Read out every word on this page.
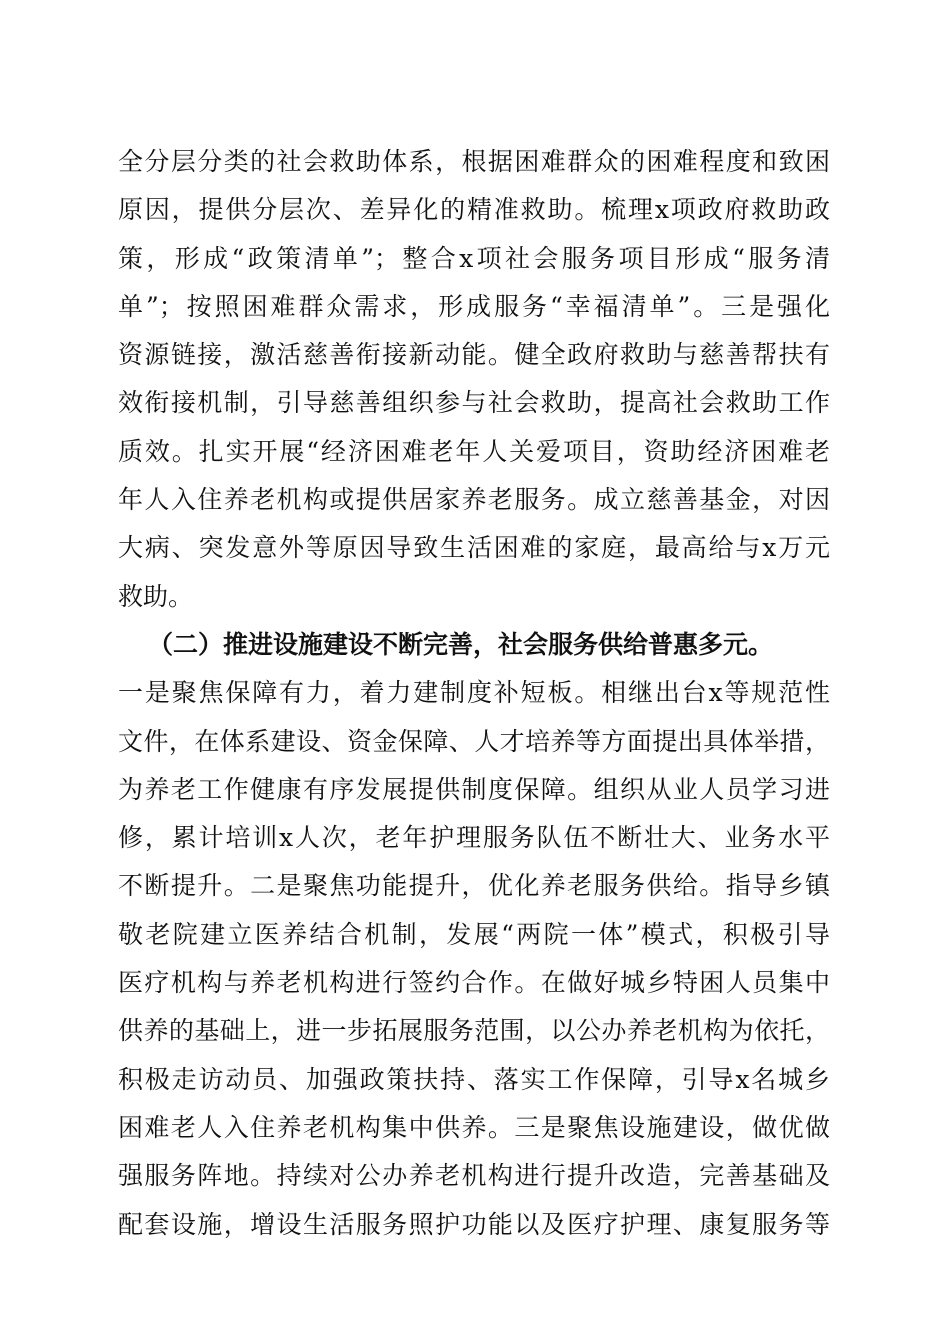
全分层分类的社会救助体系，根据困难群众的困难程度和致困
原因，提供分层次、差异化的精准救助。梳理x项政府救助政
策，形成“政策清单”；整合x项社会服务项目形成“服务清
单”；按照困难群众需求，形成服务“幸福清单”。三是强化
资源链接，激活慈善衔接新动能。健全政府救助与慈善帮扶有
效衔接机制，引导慈善组织参与社会救助，提高社会救助工作
质效。扎实开展“经济困难老年人关爱项目，资助经济困难老
年人入住养老机构或提供居家养老服务。成立慈善基金，对因
大病、突发意外等原因导致生活困难的家庭，最高给与x万元
救助。
（二）推进设施建设不断完善，社会服务供给普惠多元。
一是聚焦保障有力，着力建制度补短板。相继出台x等规范性
文件，在体系建设、资金保障、人才培养等方面提出具体举措，
为养老工作健康有序发展提供制度保障。组织从业人员学习进
修，累计培训x人次，老年护理服务队伍不断壮大、业务水平
不断提升。二是聚焦功能提升，优化养老服务供给。指导乡镇
敬老院建立医养结合机制，发展“两院一体”模式，积极引导
医疗机构与养老机构进行签约合作。在做好城乡特困人员集中
供养的基础上，进一步拓展服务范围，以公办养老机构为依托，
积极走访动员、加强政策扶持、落实工作保障，引导x名城乡
困难老人入住养老机构集中供养。三是聚焦设施建设，做优做
强服务阵地。持续对公办养老机构进行提升改造，完善基础及
配套设施，增设生活服务照护功能以及医疗护理、康复服务等
